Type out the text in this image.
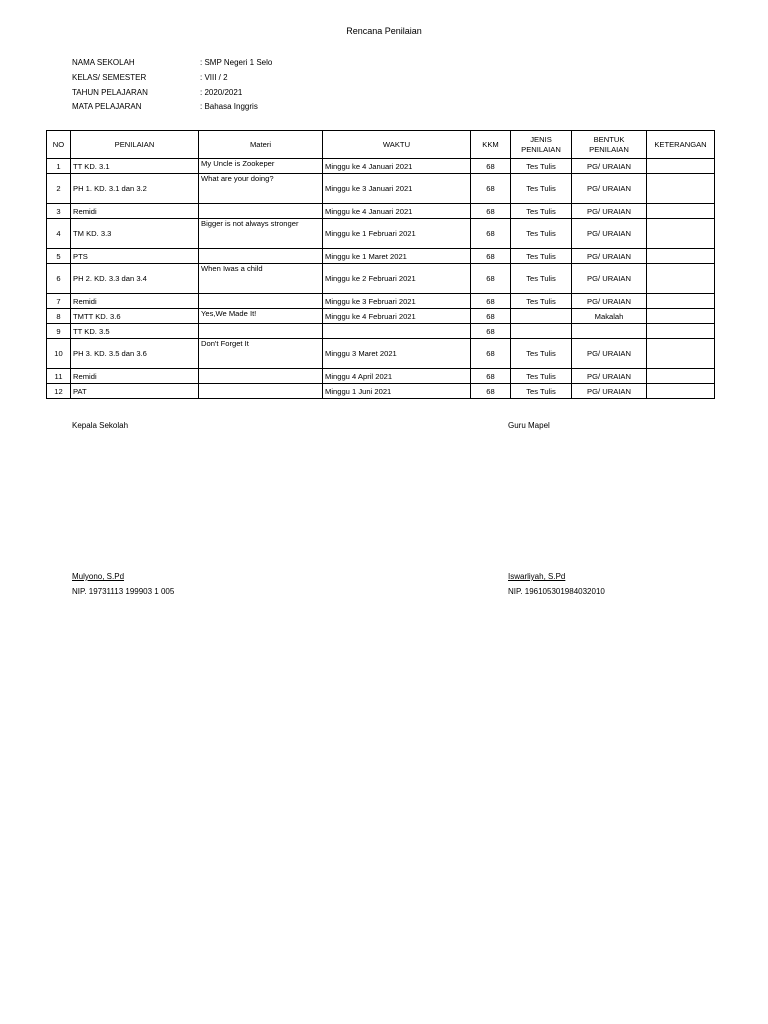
Rencana Penilaian
NAMA SEKOLAH	: SMP Negeri 1 Selo
KELAS/ SEMESTER	: VIII / 2
TAHUN PELAJARAN	: 2020/2021
MATA PELAJARAN	: Bahasa Inggris
NO	PENILAIAN	Materi	WAKTU	KKM	JENIS PENILAIAN	BENTUK PENILAIAN	KETERANGAN
1	TT KD. 3.1	My Uncle is Zookeper	Minggu ke 4 Januari 2021	68	Tes Tulis	PG/ URAIAN	
2	PH 1. KD. 3.1 dan 3.2	What are your doing?	Minggu ke 3 Januari 2021	68	Tes Tulis	PG/ URAIAN	
3	Remidi		Minggu ke 4 Januari 2021	68	Tes Tulis	PG/ URAIAN	
4	TM KD. 3.3	Bigger is not always stronger	Minggu ke 1 Februari 2021	68	Tes Tulis	PG/ URAIAN	
5	PTS		Minggu ke 1 Maret 2021	68	Tes Tulis	PG/ URAIAN	
6	PH 2. KD. 3.3 dan 3.4	When Iwas a child	Minggu ke 2 Februari 2021	68	Tes Tulis	PG/ URAIAN	
7	Remidi		Minggu ke 3 Februari 2021	68	Tes Tulis	PG/ URAIAN	
8	TMTT KD. 3.6	Yes,We Made It!	Minggu ke 4 Februari 2021	68		Makalah	
9	TT KD. 3.5			68			
10	PH 3. KD. 3.5 dan 3.6	Don't Forget It	Minggu 3 Maret 2021	68	Tes Tulis	PG/ URAIAN	
11	Remidi		Minggu 4 April 2021	68	Tes Tulis	PG/ URAIAN	
12	PAT		Minggu 1 Juni 2021	68	Tes Tulis	PG/ URAIAN	
Kepala Sekolah	Guru Mapel
Mulyono, S.Pd	Iswarliyah, S.Pd
NIP. 19731113 199903 1 005	NIP. 196105301984032010
